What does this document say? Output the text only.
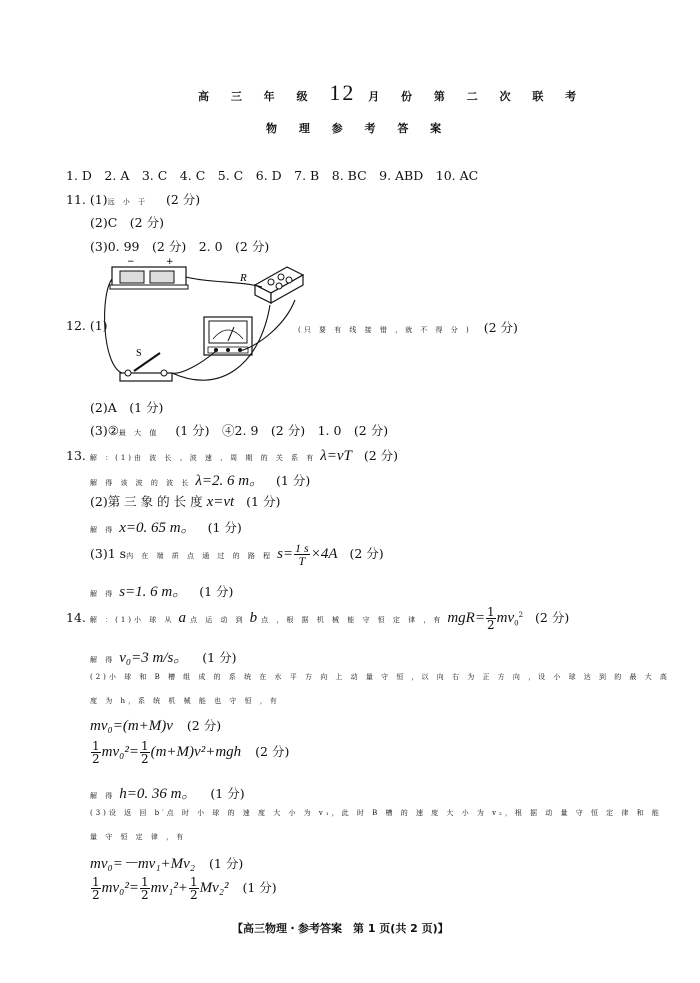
高 三 年 级 12 月 份 第 二 次 联 考
物 理 参 考 答 案
1. D　2. A　3. C　4. C　5. C　6. D　7. B　8. BC　9. ABD　10. AC
11. (1)远 小 于 (2 分)
(2)C　(2 分)
(3)0. 99　(2 分)　2. 0　(2 分)
−	+
R
S
12. (1)	(只 要 有 线 接 错 ，就 不 得 分 ) (2 分)
(2)A　(1 分)
(3)②最 大 值 (1 分)　④2. 9　(2 分)　1. 0　(2 分)
13. 解 ：(1)由 波 长 、波 速 、周 期 的 关 系 有 λ=vT (2 分)
解 得 该 波 的 波 长 λ=2. 6 m。 (1 分)
(2)第 三 象 的 长 度 x=vt (1 分)
解 得 x=0. 65 m。 (1 分)
(3)1 s内 在 端 质 点 通 过 的 路 程 $s= \frac{1 s}{T} \times 4A$ (2 分)
解 得 s=1. 6 m。 (1 分)
14. 解 ：(1)小 球 从 a 点 运 动 到 b 点 ，根 据 机 械 能 守 恒 定 律 ，有 $mgR= \frac{1}{2} mv_0^2$ (2 分)
解 得 v₀=3 m/s。 (1 分)
(2)小 球 和 B 槽 组 成 的 系 统 在 水 平 方 向 上 动 量 守 恒 ，以 向 右 为 正 方 向 ，设 小 球 达 到 的 最 大 高
度 为 h，系 统 机 械 能 也 守 恒 ，有
mv₀=(m+M)v (2 分)
$\frac{1}{2} mv_0^2= \frac{1}{2} (m+M)v^2+mgh$ (2 分)
解 得 h=0. 36 m。 (1 分)
(3)设 返 回 b′点 时 小 球 的 速 度 大 小 为 v₁，此 时 B 槽 的 速 度 大 小 为 v₂，根 据 动 量 守 恒 定 律 和 能
量 守 恒 定 律 ，有
mv₀=－mv₁+Mv₂ (1 分)
$\frac{1}{2} mv_0^2= \frac{1}{2} mv_1^2+ \frac{1}{2} Mv_2^2$ (1 分)
【高三物理・参考答案　第 1 页(共 2 页)】
